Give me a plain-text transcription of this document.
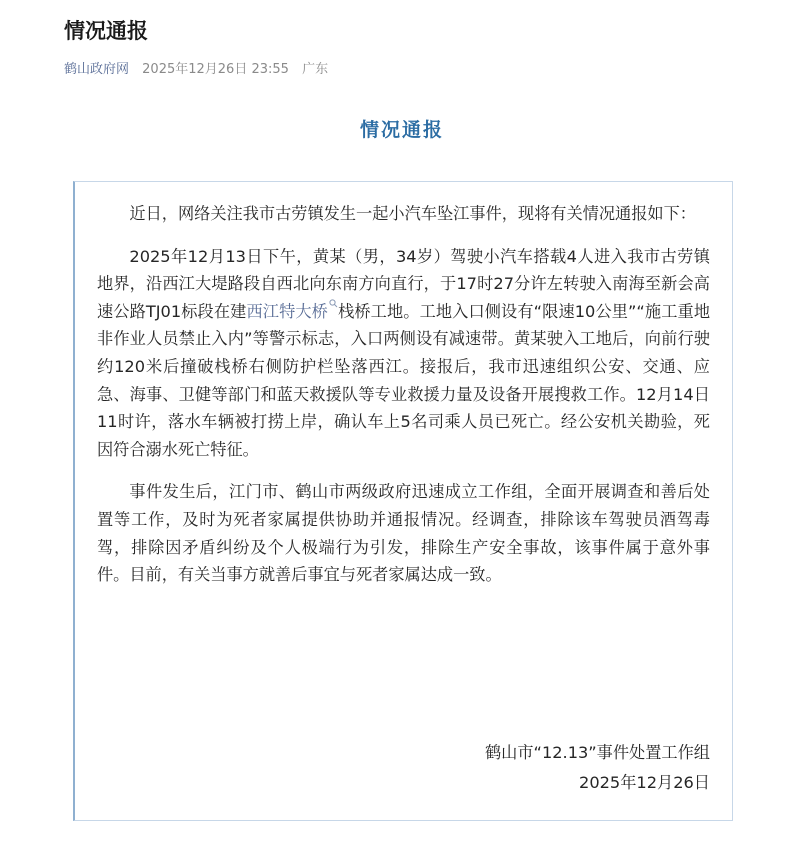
情况通报
鹤山政府网 2025年12月26日 23:55 广东
情况通报

近日，网络关注我市古劳镇发生一起小汽车坠江事件，现将有关情况通报如下：

2025年12月13日下午，黄某（男，34岁）驾驶小汽车搭载4人进入我市古劳镇地界，沿西江大堤路段自西北向东南方向直行，于17时27分许左转驶入南海至新会高速公路TJ01标段在建西江特大桥 栈桥工地。工地入口侧设有“限速10公里”“施工重地非作业人员禁止入内”等警示标志，入口两侧设有减速带。黄某驶入工地后，向前行驶约120米后撞破栈桥右侧防护栏坠落西江。接报后，我市迅速组织公安、交通、应急、海事、卫健等部门和蓝天救援队等专业救援力量及设备开展搜救工作。12月14日11时许，落水车辆被打捞上岸，确认车上5名司乘人员已死亡。经公安机关勘验，死因符合溺水死亡特征。

事件发生后，江门市、鹤山市两级政府迅速成立工作组，全面开展调查和善后处置等工作，及时为死者家属提供协助并通报情况。经调查，排除该车驾驶员酒驾毒驾，排除因矛盾纠纷及个人极端行为引发，排除生产安全事故，该事件属于意外事件。目前，有关当事方就善后事宜与死者家属达成一致。

鹤山市“12.13”事件处置工作组
2025年12月26日
